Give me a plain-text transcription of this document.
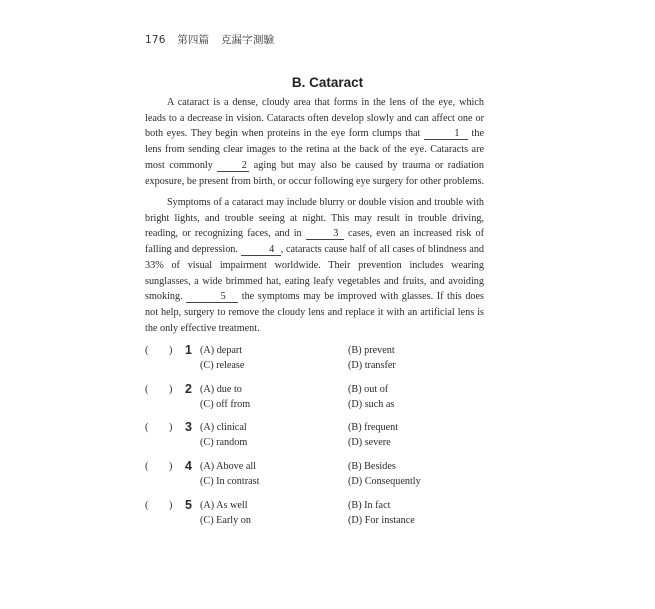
176 第四篇 克漏字測驗
B. Cataract

A cataract is a dense, cloudy area that forms in the lens of the eye, which leads to a decrease in vision. Cataracts often develop slowly and can affect one or both eyes. They begin when proteins in the eye form clumps that	1 the lens from sending clear images to the retina at the back of the eye. Cataracts are most commonly 2 aging but may also be caused by trauma or radiation exposure, be present from birth, or occur following eye surgery for other problems.

Symptoms of a cataract may include blurry or double vision and trouble with bright lights, and trouble seeing at night. This may result in trouble driving, reading, or recognizing faces, and in	3 cases, even an increased risk of falling and depression.	4 , cataracts cause half of all cases of blindness and 33% of visual impairment worldwide. Their prevention includes wearing sunglasses, a wide brimmed hat, eating leafy vegetables and fruits, and avoiding smoking.	5 the symptoms may be improved with glasses. If this does not help, surgery to remove the cloudy lens and replace it with an artificial lens is the only effective treatment.

( ) 1 (A) depart	(B) prevent
(C) release	(D) transfer
( ) 2 (A) due to	(B) out of
(C) off from	(D) such as
( ) 3 (A) clinical	(B) frequent
(C) random	(D) severe
( ) 4 (A) Above all	(B) Besides
(C) In contrast	(D) Consequently
( ) 5 (A) As well	(B) In fact
(C) Early on	(D) For instance
